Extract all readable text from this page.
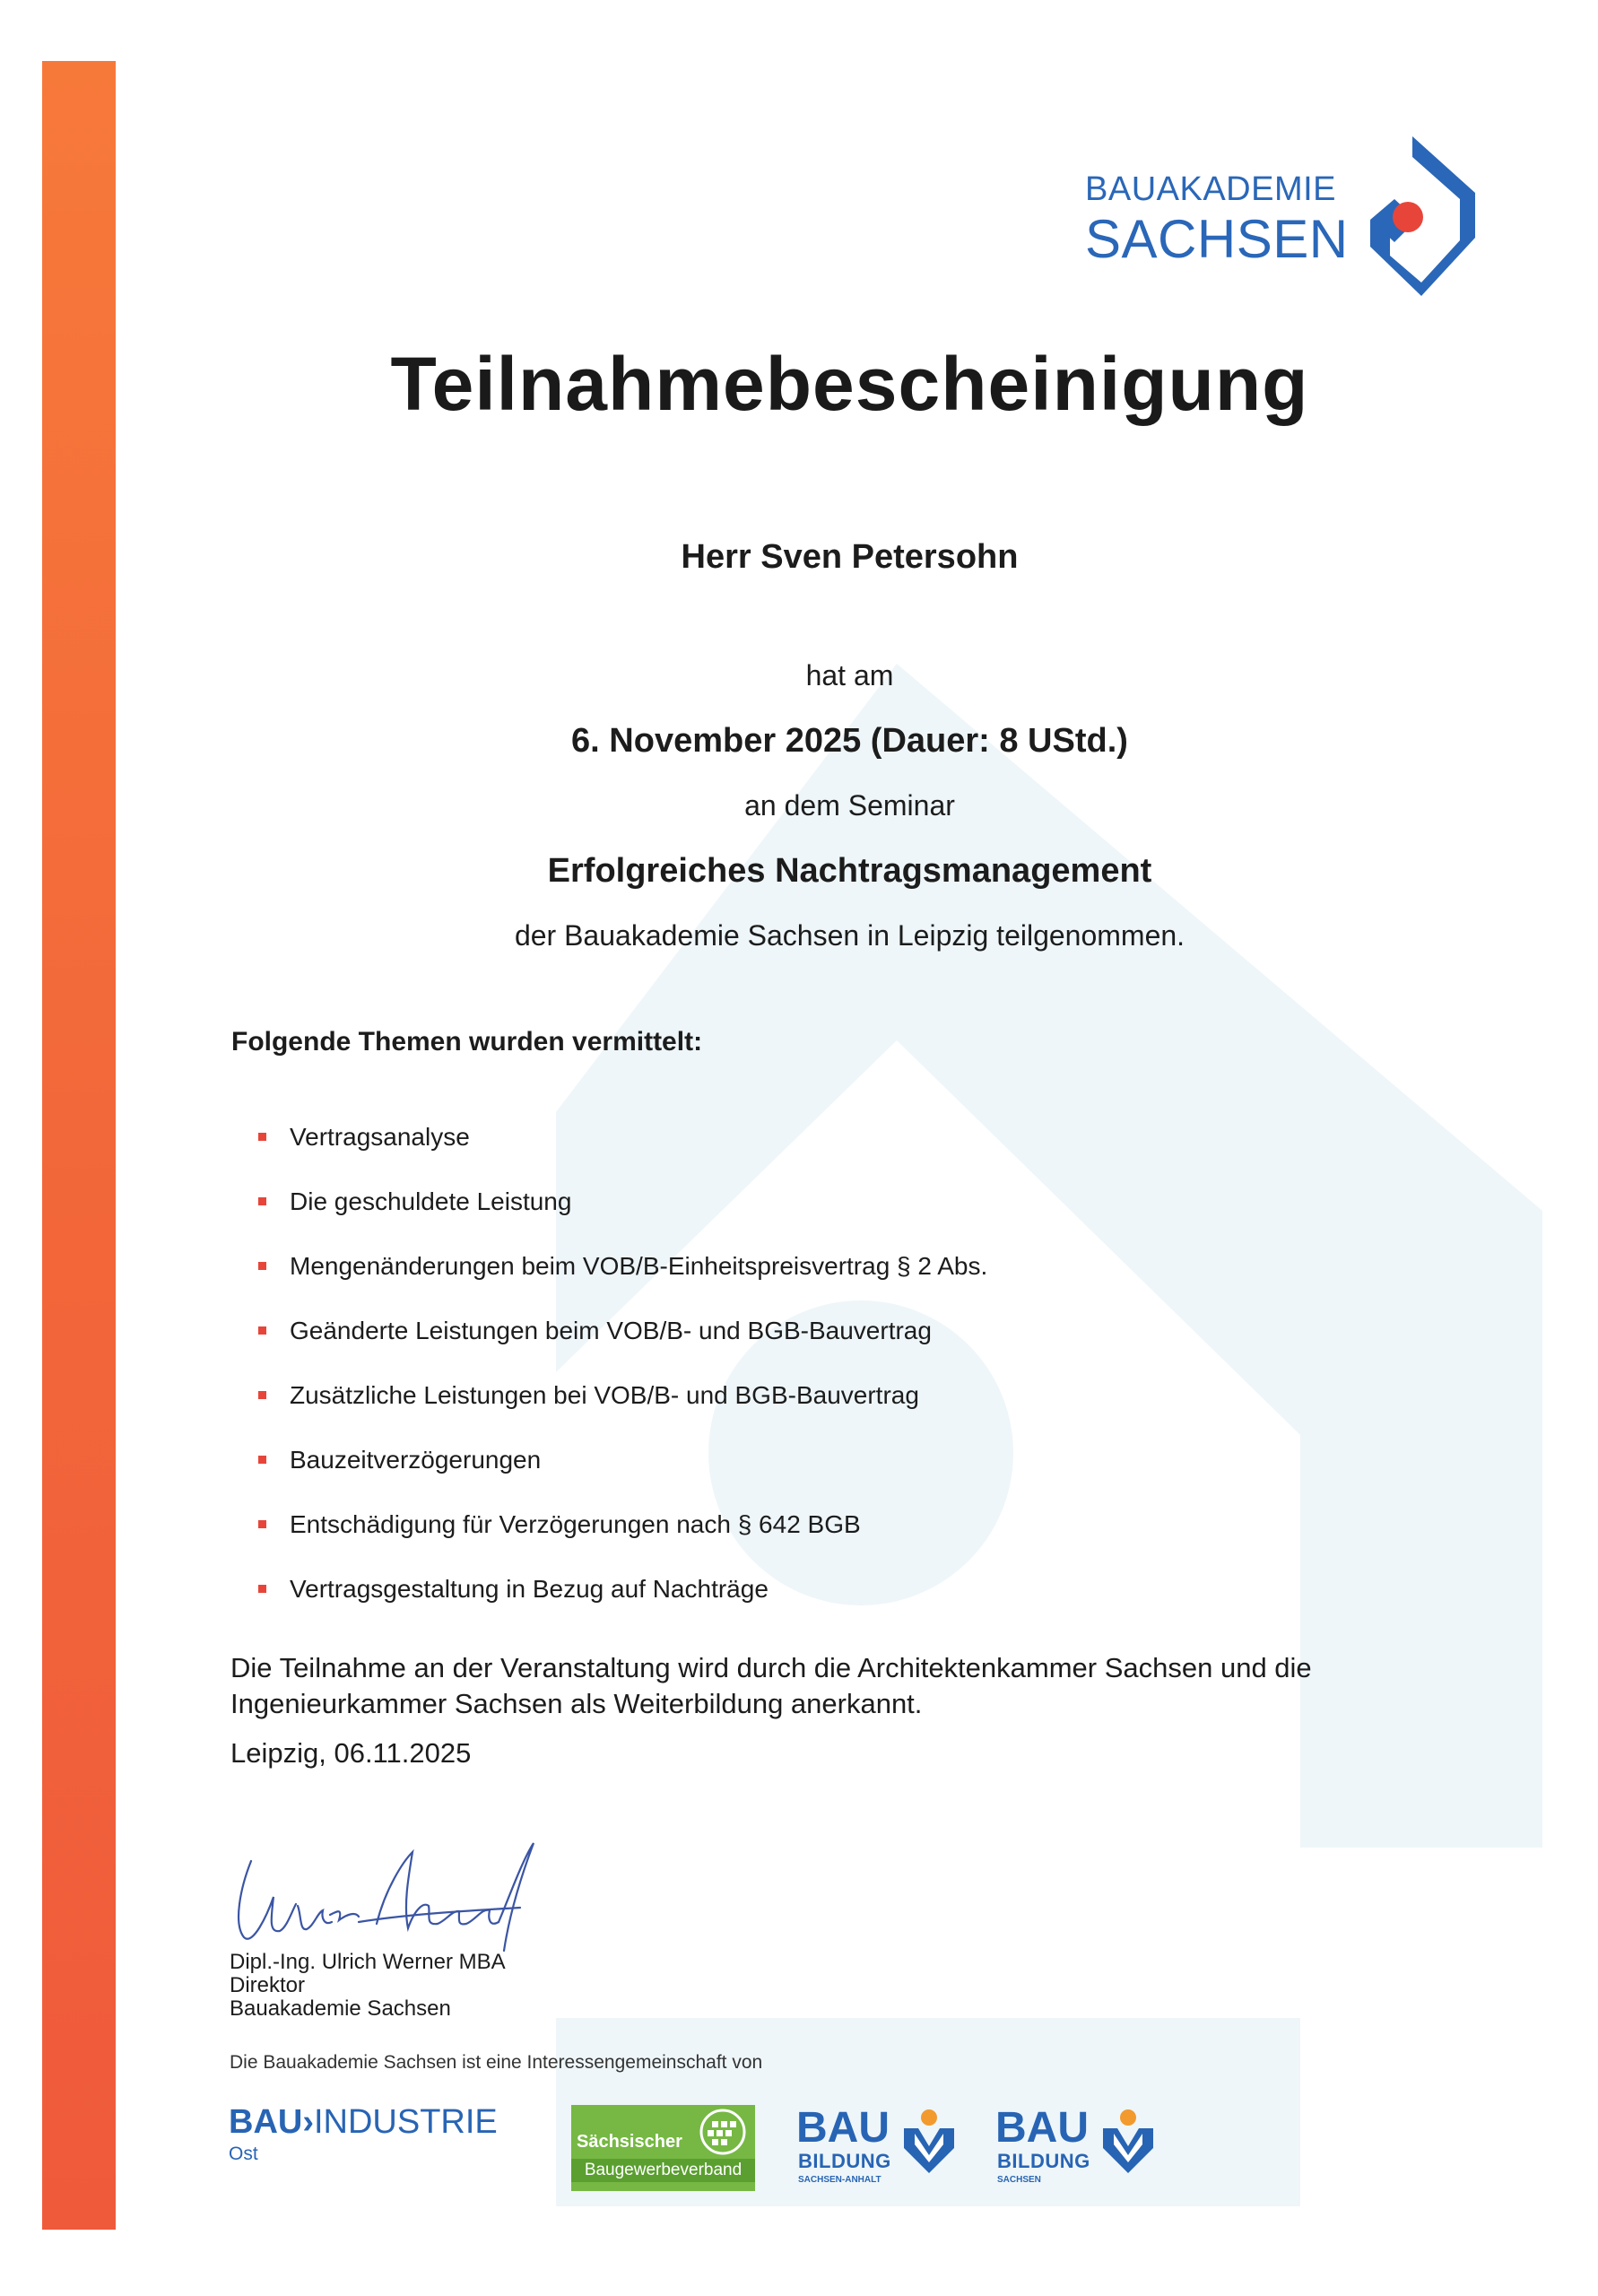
BAUAKADEMIE
SACHSEN
Teilnahmebescheinigung
Herr Sven Petersohn
hat am
6. November 2025 (Dauer: 8 UStd.)
an dem Seminar
Erfolgreiches Nachtragsmanagement
der Bauakademie Sachsen in Leipzig teilgenommen.
Folgende Themen wurden vermittelt:
Vertragsanalyse
Die geschuldete Leistung
Mengenänderungen beim VOB/B-Einheitspreisvertrag § 2 Abs.
Geänderte Leistungen beim VOB/B- und BGB-Bauvertrag
Zusätzliche Leistungen bei VOB/B- und BGB-Bauvertrag
Bauzeitverzögerungen
Entschädigung für Verzögerungen nach § 642 BGB
Vertragsgestaltung in Bezug auf Nachträge
Die Teilnahme an der Veranstaltung wird durch die Architektenkammer Sachsen und die
Ingenieurkammer Sachsen als Weiterbildung anerkannt.
Leipzig, 06.11.2025
Dipl.-Ing. Ulrich Werner MBA
Direktor
Bauakademie Sachsen
Die Bauakademie Sachsen ist eine Interessengemeinschaft von
BAU›INDUSTRIE
Ost
Sächsischer
Baugewerbeverband
BAU
BILDUNG
SACHSEN-ANHALT
BAU
BILDUNG
SACHSEN
